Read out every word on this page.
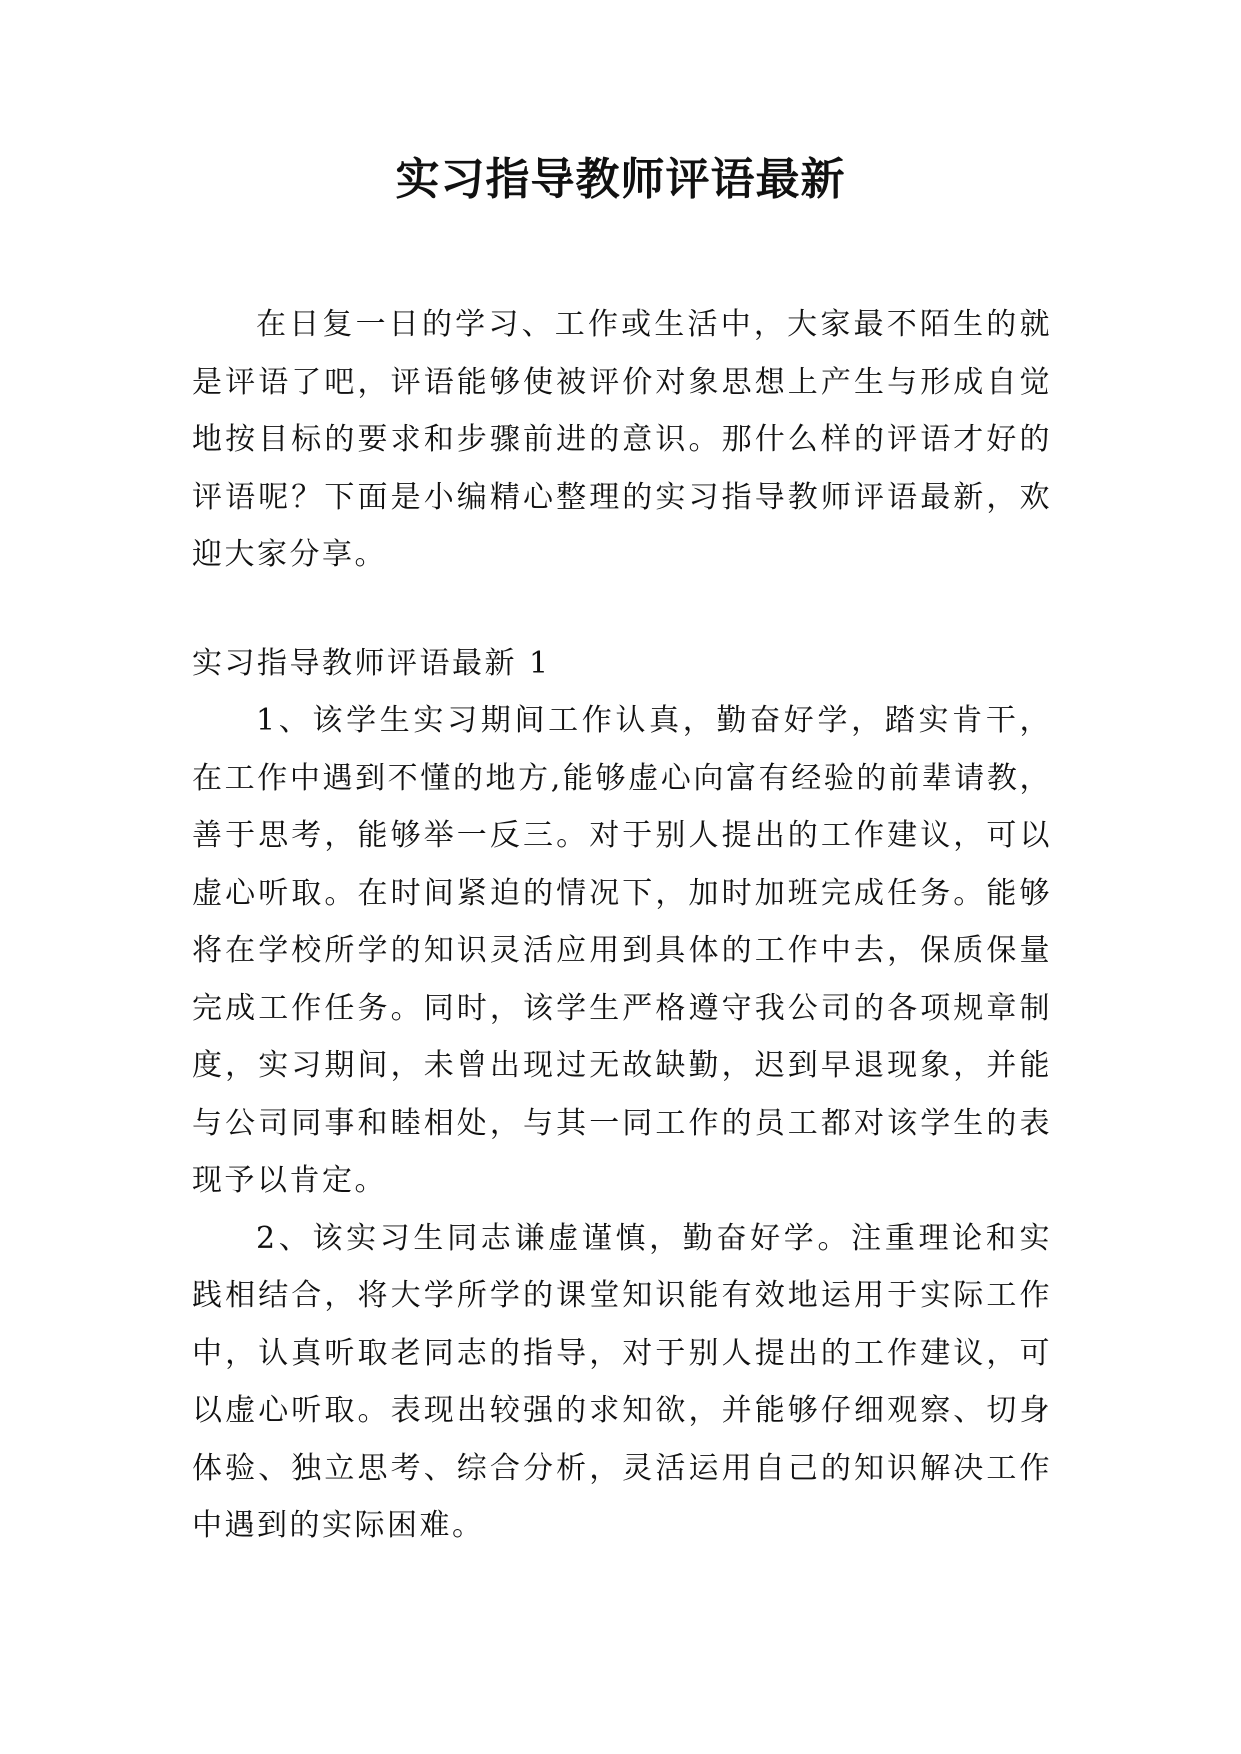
实习指导教师评语最新

在日复一日的学习、工作或生活中，大家最不陌生的就是评语了吧，评语能够使被评价对象思想上产生与形成自觉地按目标的要求和步骤前进的意识。那什么样的评语才好的评语呢？下面是小编精心整理的实习指导教师评语最新，欢迎大家分享。

实习指导教师评语最新 1

1、该学生实习期间工作认真，勤奋好学，踏实肯干，在工作中遇到不懂的地方,能够虚心向富有经验的前辈请教，善于思考，能够举一反三。对于别人提出的工作建议，可以虚心听取。在时间紧迫的情况下，加时加班完成任务。能够将在学校所学的知识灵活应用到具体的工作中去，保质保量完成工作任务。同时，该学生严格遵守我公司的各项规章制度，实习期间，未曾出现过无故缺勤，迟到早退现象，并能与公司同事和睦相处，与其一同工作的员工都对该学生的表现予以肯定。

2、该实习生同志谦虚谨慎，勤奋好学。注重理论和实践相结合，将大学所学的课堂知识能有效地运用于实际工作中，认真听取老同志的指导，对于别人提出的工作建议，可以虚心听取。表现出较强的求知欲，并能够仔细观察、切身体验、独立思考、综合分析，灵活运用自己的知识解决工作中遇到的实际困难。
